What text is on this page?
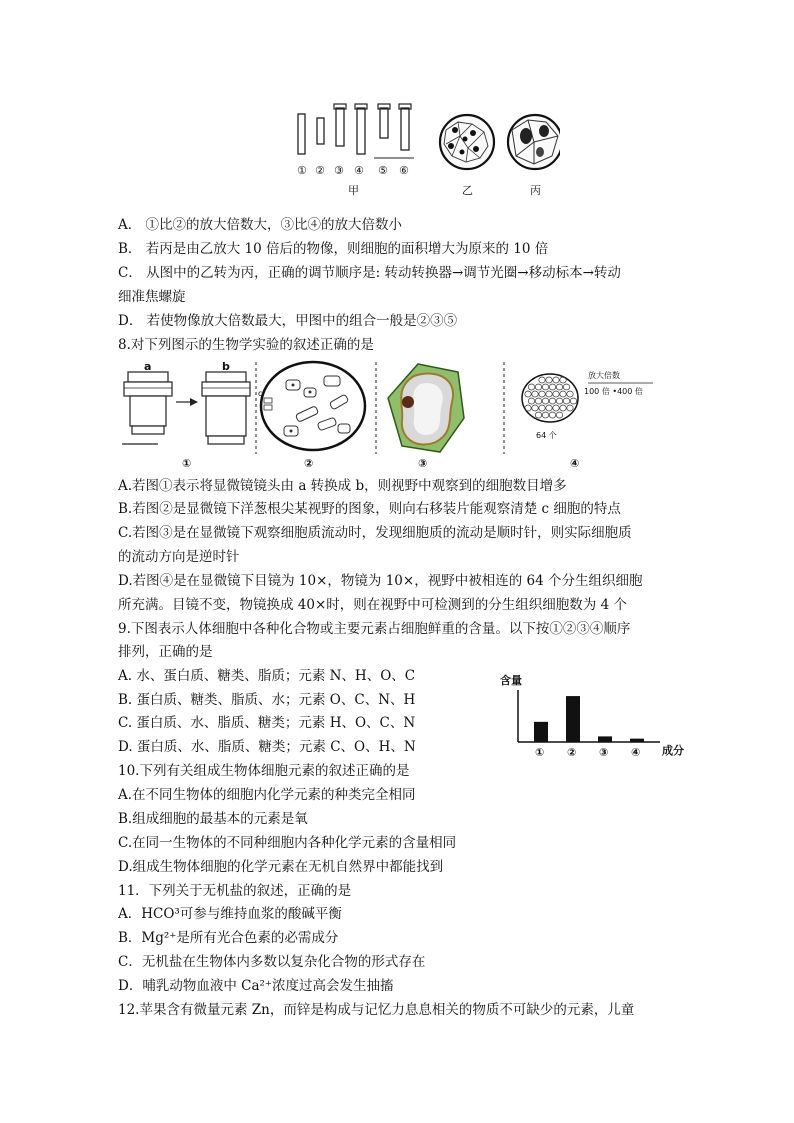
① ② ③ ④ ⑤ ⑥
甲	乙	丙
A． ①比②的放大倍数大，③比④的放大倍数小
B． 若丙是由乙放大 10 倍后的物像，则细胞的面积增大为原来的 10 倍
C． 从图中的乙转为丙，正确的调节顺序是: 转动转换器→调节光圈→移动标本→转动
细准焦螺旋
D． 若使物像放大倍数最大，甲图中的组合一般是②③⑤
8.对下列图示的生物学实验的叙述正确的是
a	b
①
c
②	③
放大倍数
100 倍 •400 倍
64 个
④
A.若图①表示将显微镜镜头由 a 转换成 b，则视野中观察到的细胞数目增多
B.若图②是显微镜下洋葱根尖某视野的图象，则向右移装片能观察清楚 c 细胞的特点
C.若图③是在显微镜下观察细胞质流动时，发现细胞质的流动是顺时针，则实际细胞质
的流动方向是逆时针
D.若图④是在显微镜下目镜为 10×，物镜为 10×，视野中被相连的 64 个分生组织细胞
所充满。目镜不变，物镜换成 40×时，则在视野中可检测到的分生组织细胞数为 4 个
9.下图表示人体细胞中各种化合物或主要元素占细胞鲜重的含量。以下按①②③④顺序
排列，正确的是
A. 水、蛋白质、糖类、脂质；元素 N、H、O、C
B. 蛋白质、糖类、脂质、水；元素 O、C、N、H
C. 蛋白质、水、脂质、糖类；元素 H、O、C、N
D. 蛋白质、水、脂质、糖类；元素 C、O、H、N
含量
① ② ③ ④ 成分
10.下列有关组成生物体细胞元素的叙述正确的是
A.在不同生物体的细胞内化学元素的种类完全相同
B.组成细胞的最基本的元素是氧
C.在同一生物体的不同种细胞内各种化学元素的含量相同
D.组成生物体细胞的化学元素在无机自然界中都能找到
11．下列关于无机盐的叙述，正确的是
A．HCO³可参与维持血浆的酸碱平衡
B．Mg²⁺是所有光合色素的必需成分
C．无机盐在生物体内多数以复杂化合物的形式存在
D．哺乳动物血液中 Ca²⁺浓度过高会发生抽搐
12.苹果含有微量元素 Zn，而锌是构成与记忆力息息相关的物质不可缺少的元素，儿童
